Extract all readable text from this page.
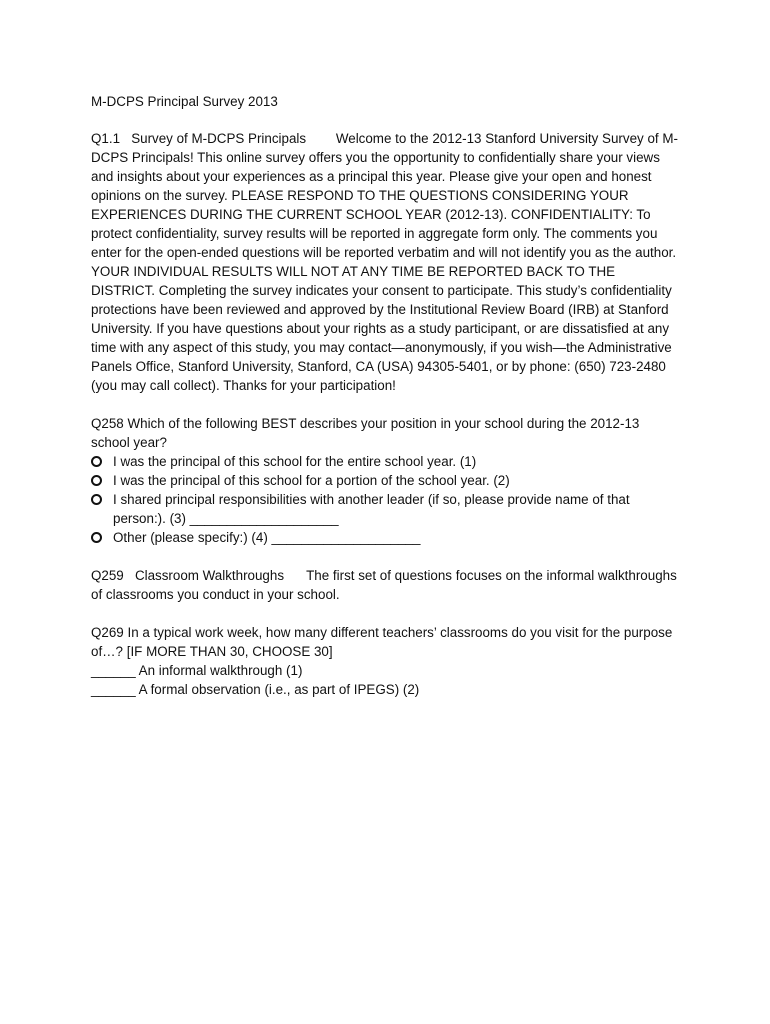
M-DCPS Principal Survey 2013

Q1.1 Survey of M-DCPS Principals Welcome to the 2012-13 Stanford University Survey of M-DCPS Principals! This online survey offers you the opportunity to confidentially share your views and insights about your experiences as a principal this year. Please give your open and honest opinions on the survey. PLEASE RESPOND TO THE QUESTIONS CONSIDERING YOUR EXPERIENCES DURING THE CURRENT SCHOOL YEAR (2012-13). CONFIDENTIALITY: To protect confidentiality, survey results will be reported in aggregate form only. The comments you enter for the open-ended questions will be reported verbatim and will not identify you as the author. YOUR INDIVIDUAL RESULTS WILL NOT AT ANY TIME BE REPORTED BACK TO THE DISTRICT. Completing the survey indicates your consent to participate. This study’s confidentiality protections have been reviewed and approved by the Institutional Review Board (IRB) at Stanford University. If you have questions about your rights as a study participant, or are dissatisfied at any time with any aspect of this study, you may contact—anonymously, if you wish—the Administrative Panels Office, Stanford University, Stanford, CA (USA) 94305-5401, or by phone: (650) 723-2480 (you may call collect). Thanks for your participation!

Q258 Which of the following BEST describes your position in your school during the 2012-13 school year?

I was the principal of this school for the entire school year. (1)
I was the principal of this school for a portion of the school year. (2)
I shared principal responsibilities with another leader (if so, please provide name of that person:). (3) ____________________
Other (please specify:) (4) ____________________

Q259 Classroom Walkthroughs The first set of questions focuses on the informal walkthroughs of classrooms you conduct in your school.

Q269 In a typical work week, how many different teachers’ classrooms do you visit for the purpose of…? [IF MORE THAN 30, CHOOSE 30]

______ An informal walkthrough (1)
______ A formal observation (i.e., as part of IPEGS) (2)
